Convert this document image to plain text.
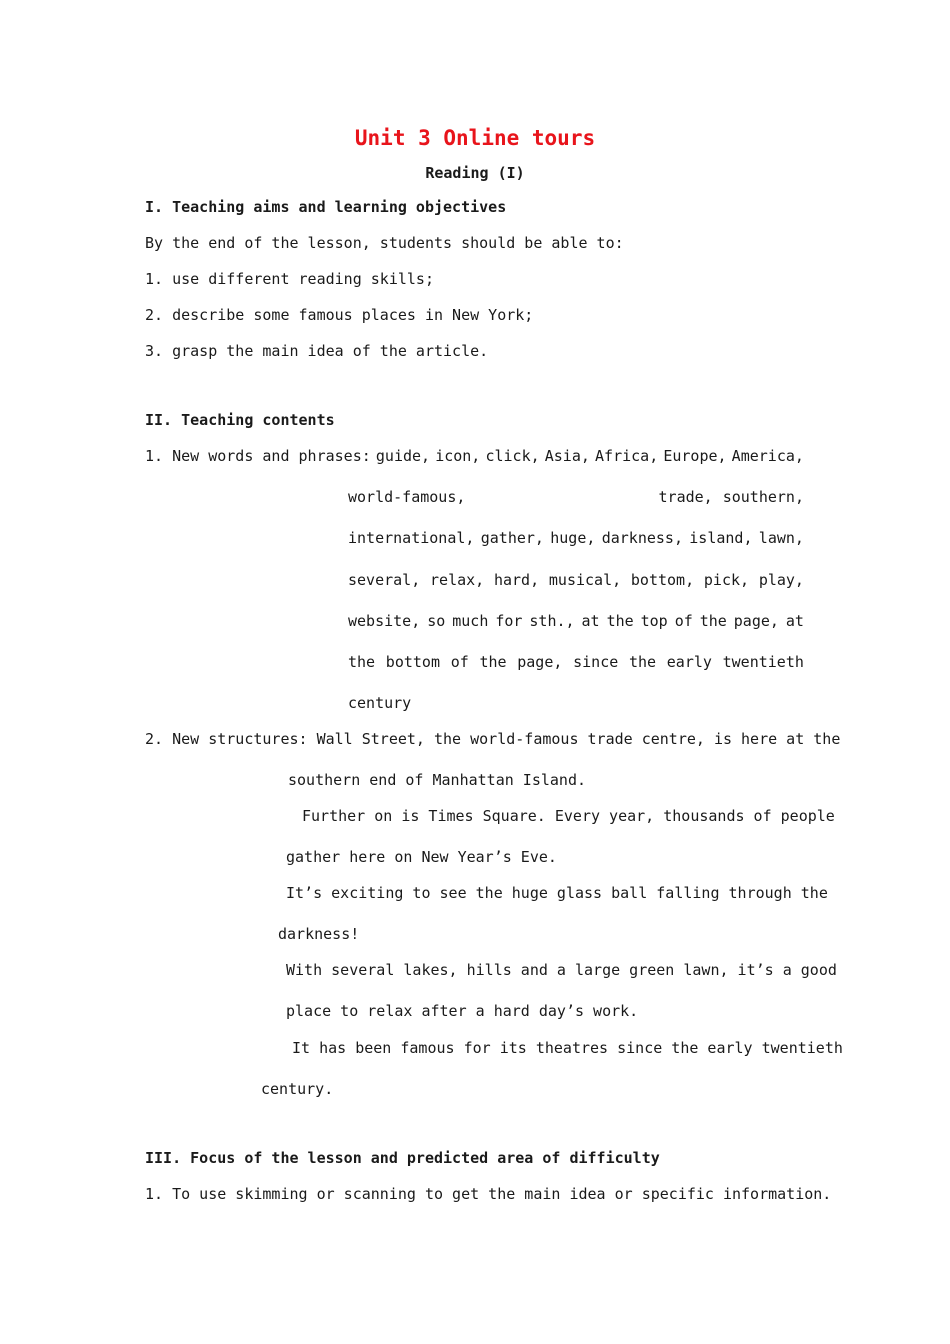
Unit 3 Online tours
Reading (I)
I. Teaching aims and learning objectives
By the end of the lesson, students should be able to:
1. use different reading skills;
2. describe some famous places in New York;
3. grasp the main idea of the article.
II. Teaching contents
1. New words and phrases: guide, icon, click, Asia, Africa, Europe, America,
world-famous,	trade, southern,
international, gather, huge, darkness, island, lawn,
several, relax, hard, musical, bottom, pick, play,
website, so much for sth., at the top of the page, at
the bottom of the page, since the early twentieth
century
2. New structures: Wall Street, the world-famous trade centre, is here at the
southern end of Manhattan Island.
Further on is Times Square. Every year, thousands of people
gather here on New Year’s Eve.
It’s exciting to see the huge glass ball falling through the
darkness!
With several lakes, hills and a large green lawn, it’s a good
place to relax after a hard day’s work.
It has been famous for its theatres since the early twentieth
century.
III. Focus of the lesson and predicted area of difficulty
1. To use skimming or scanning to get the main idea or specific information.
